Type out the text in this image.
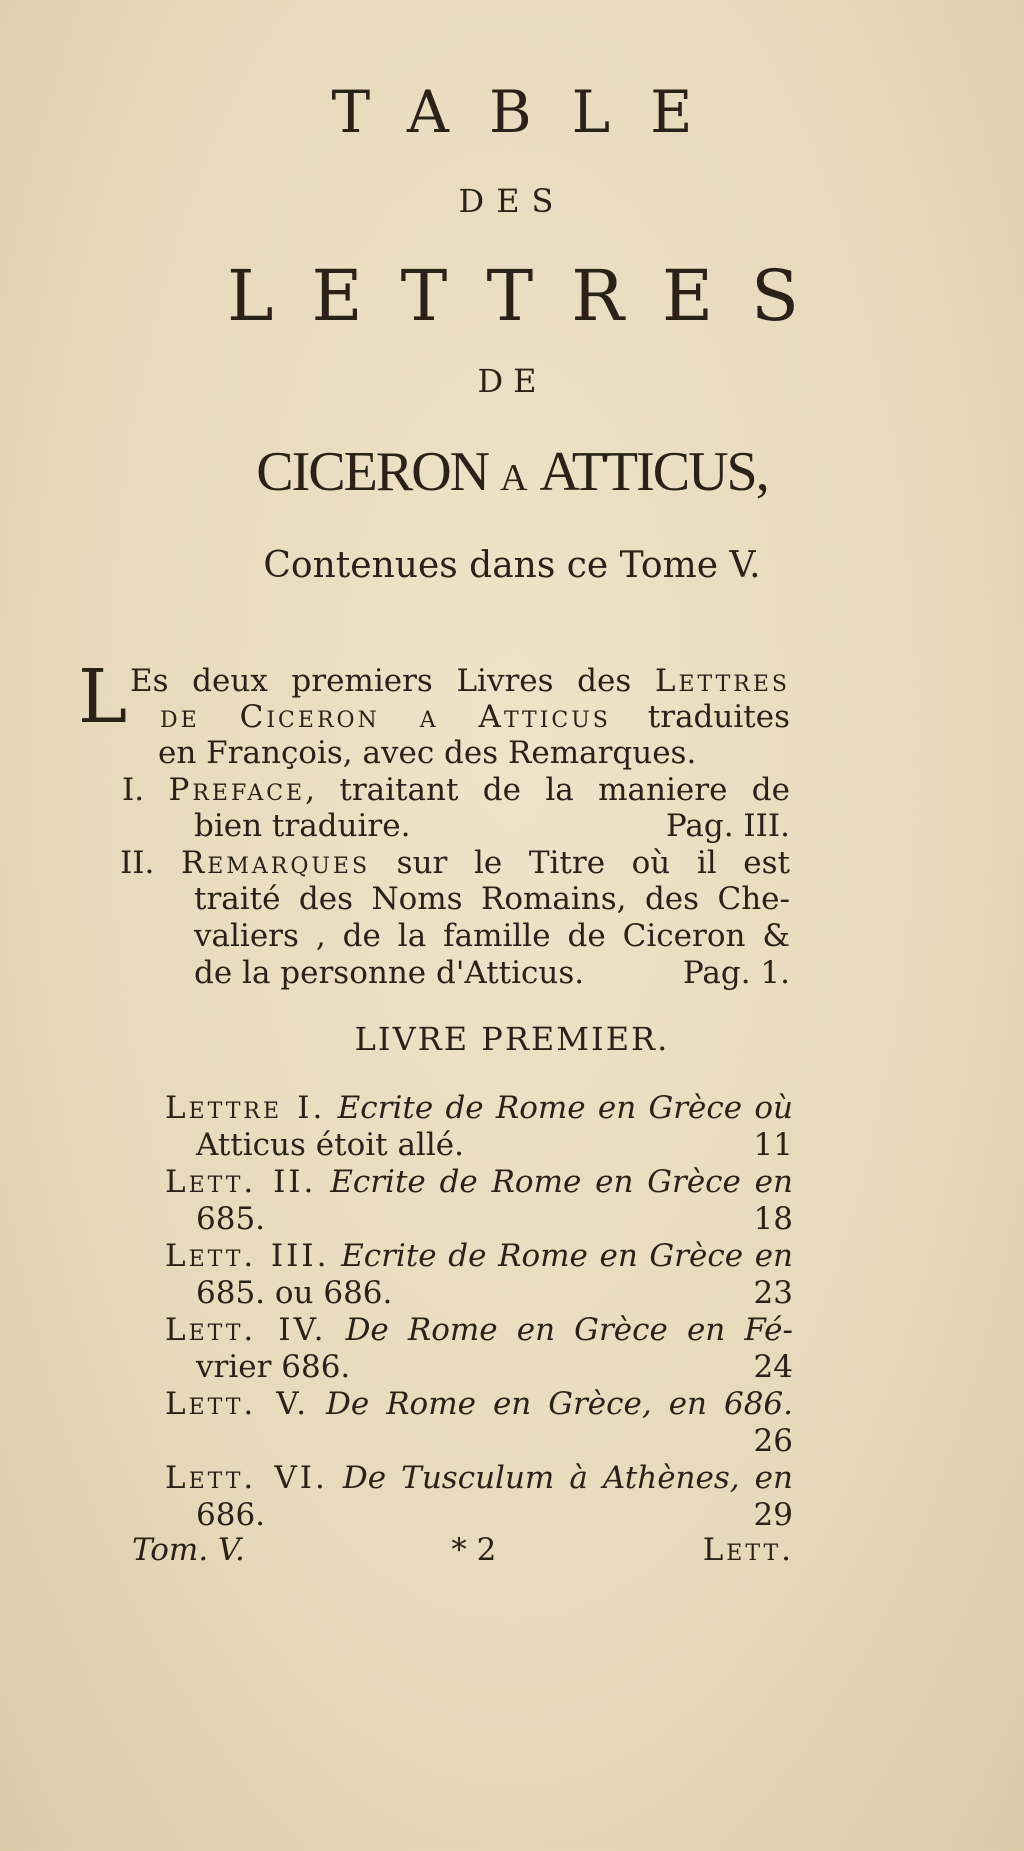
TABLE
DES
LETTRES
DE
CICERON A ATTICUS,
Contenues dans ce Tome V.
L Es deux premiers Livres des Lettres
de Ciceron a Atticus traduites
en François, avec des Remarques.
I. Preface, traitant de la maniere de
bien traduire.	Pag. III.
II. Remarques sur le Titre où il est
traité des Noms Romains, des Che-
valiers , de la famille de Ciceron &
de la personne d'Atticus.	Pag. 1.
LIVRE PREMIER.
Lettre I. Ecrite de Rome en Grèce où
Atticus étoit allé.	11
Lett. II. Ecrite de Rome en Grèce en
685.	18
Lett. III. Ecrite de Rome en Grèce en
685. ou 686.	23
Lett. IV. De Rome en Grèce en Fé-
vrier 686.	24
Lett. V. De Rome en Grèce, en 686.
26
Lett. VI. De Tusculum à Athènes, en
686.	29
Tom. V.	* 2	Lett.
